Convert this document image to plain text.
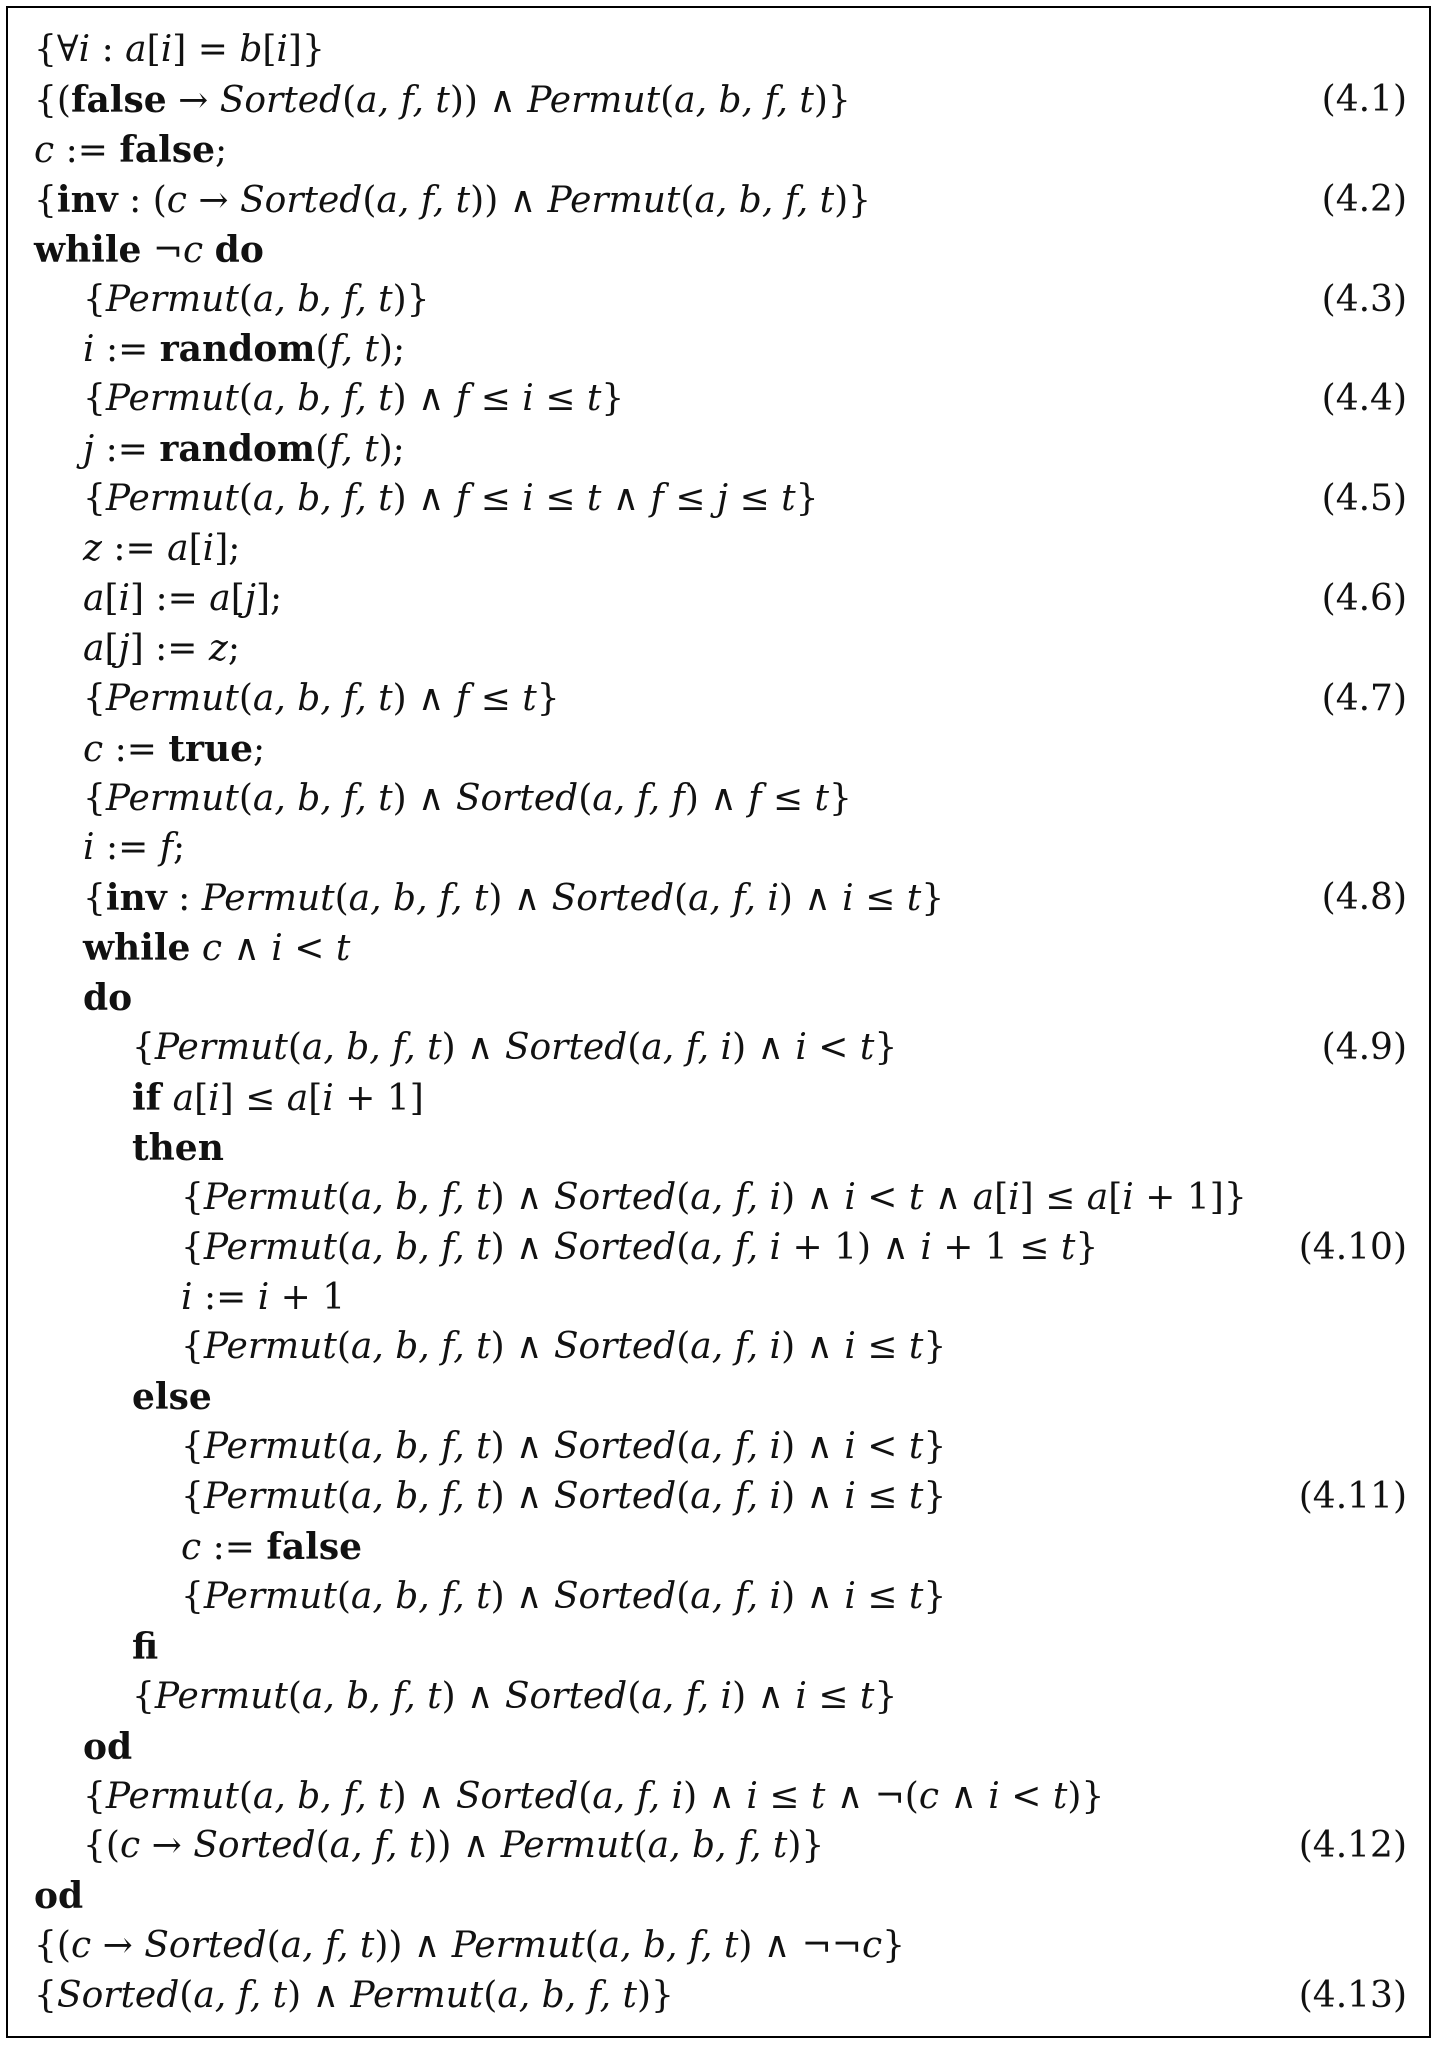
{∀i : a[i] = b[i]}
{(false → Sorted(a, f, t)) ∧ Permut(a, b, f, t)}	(4.1)
c := false;
{inv : (c → Sorted(a, f, t)) ∧ Permut(a, b, f, t)}	(4.2)
while ¬c do
{Permut(a, b, f, t)}	(4.3)
i := random(f, t);
{Permut(a, b, f, t) ∧ f ≤ i ≤ t}	(4.4)
j := random(f, t);
{Permut(a, b, f, t) ∧ f ≤ i ≤ t ∧ f ≤ j ≤ t}	(4.5)
z := a[i];
a[i] := a[j];	(4.6)
a[j] := z;
{Permut(a, b, f, t) ∧ f ≤ t}	(4.7)
c := true;
{Permut(a, b, f, t) ∧ Sorted(a, f, f) ∧ f ≤ t}
i := f;
{inv : Permut(a, b, f, t) ∧ Sorted(a, f, i) ∧ i ≤ t}	(4.8)
while c ∧ i < t
do
{Permut(a, b, f, t) ∧ Sorted(a, f, i) ∧ i < t}	(4.9)
if a[i] ≤ a[i + 1]
then
{Permut(a, b, f, t) ∧ Sorted(a, f, i) ∧ i < t ∧ a[i] ≤ a[i + 1]}
{Permut(a, b, f, t) ∧ Sorted(a, f, i + 1) ∧ i + 1 ≤ t}	(4.10)
i := i + 1
{Permut(a, b, f, t) ∧ Sorted(a, f, i) ∧ i ≤ t}
else
{Permut(a, b, f, t) ∧ Sorted(a, f, i) ∧ i < t}
{Permut(a, b, f, t) ∧ Sorted(a, f, i) ∧ i ≤ t}	(4.11)
c := false
{Permut(a, b, f, t) ∧ Sorted(a, f, i) ∧ i ≤ t}
fi
{Permut(a, b, f, t) ∧ Sorted(a, f, i) ∧ i ≤ t}
od
{Permut(a, b, f, t) ∧ Sorted(a, f, i) ∧ i ≤ t ∧ ¬(c ∧ i < t)}
{(c → Sorted(a, f, t)) ∧ Permut(a, b, f, t)}	(4.12)
od
{(c → Sorted(a, f, t)) ∧ Permut(a, b, f, t) ∧ ¬¬c}
{Sorted(a, f, t) ∧ Permut(a, b, f, t)}	(4.13)
